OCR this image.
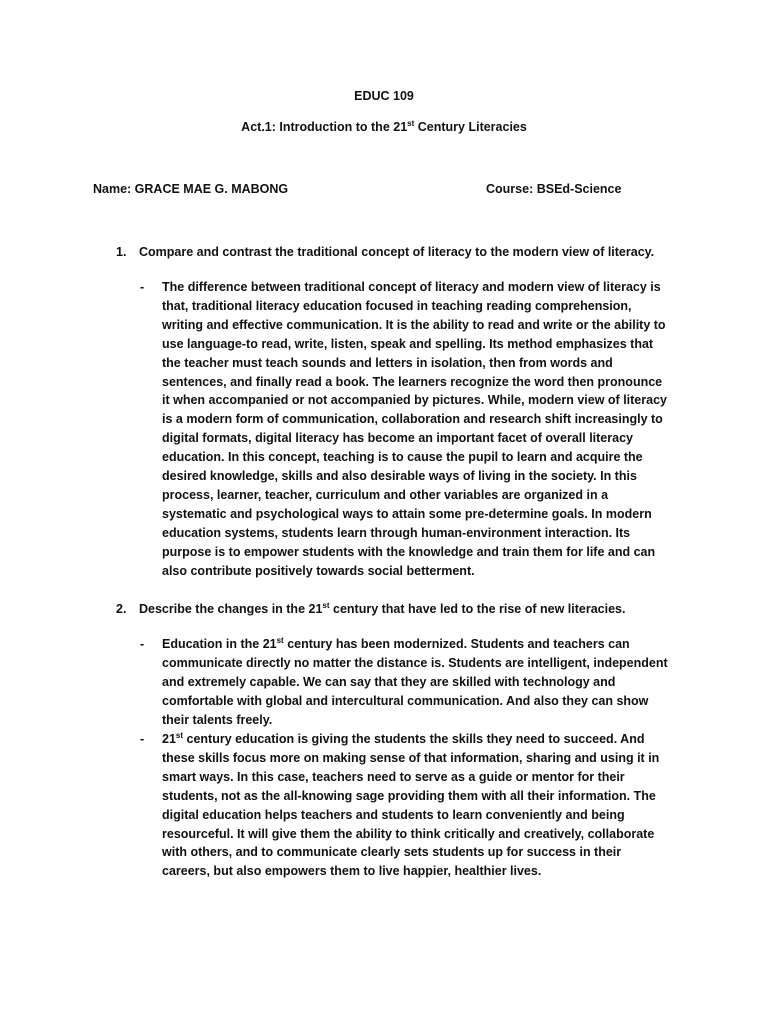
EDUC 109
Act.1: Introduction to the 21st Century Literacies
Name: GRACE MAE G. MABONG	Course: BSEd-Science
1. Compare and contrast the traditional concept of literacy to the modern view of literacy.
- The difference between traditional concept of literacy and modern view of literacy is that, traditional literacy education focused in teaching reading comprehension, writing and effective communication. It is the ability to read and write or the ability to use language-to read, write, listen, speak and spelling. Its method emphasizes that the teacher must teach sounds and letters in isolation, then from words and sentences, and finally read a book. The learners recognize the word then pronounce it when accompanied or not accompanied by pictures. While, modern view of literacy is a modern form of communication, collaboration and research shift increasingly to digital formats, digital literacy has become an important facet of overall literacy education. In this concept, teaching is to cause the pupil to learn and acquire the desired knowledge, skills and also desirable ways of living in the society. In this process, learner, teacher, curriculum and other variables are organized in a systematic and psychological ways to attain some pre-determine goals. In modern education systems, students learn through human-environment interaction. Its purpose is to empower students with the knowledge and train them for life and can also contribute positively towards social betterment.
2. Describe the changes in the 21st century that have led to the rise of new literacies.
- Education in the 21st century has been modernized. Students and teachers can communicate directly no matter the distance is. Students are intelligent, independent and extremely capable. We can say that they are skilled with technology and comfortable with global and intercultural communication. And also they can show their talents freely.
- 21st century education is giving the students the skills they need to succeed. And these skills focus more on making sense of that information, sharing and using it in smart ways. In this case, teachers need to serve as a guide or mentor for their students, not as the all-knowing sage providing them with all their information. The digital education helps teachers and students to learn conveniently and being resourceful. It will give them the ability to think critically and creatively, collaborate with others, and to communicate clearly sets students up for success in their careers, but also empowers them to live happier, healthier lives.
